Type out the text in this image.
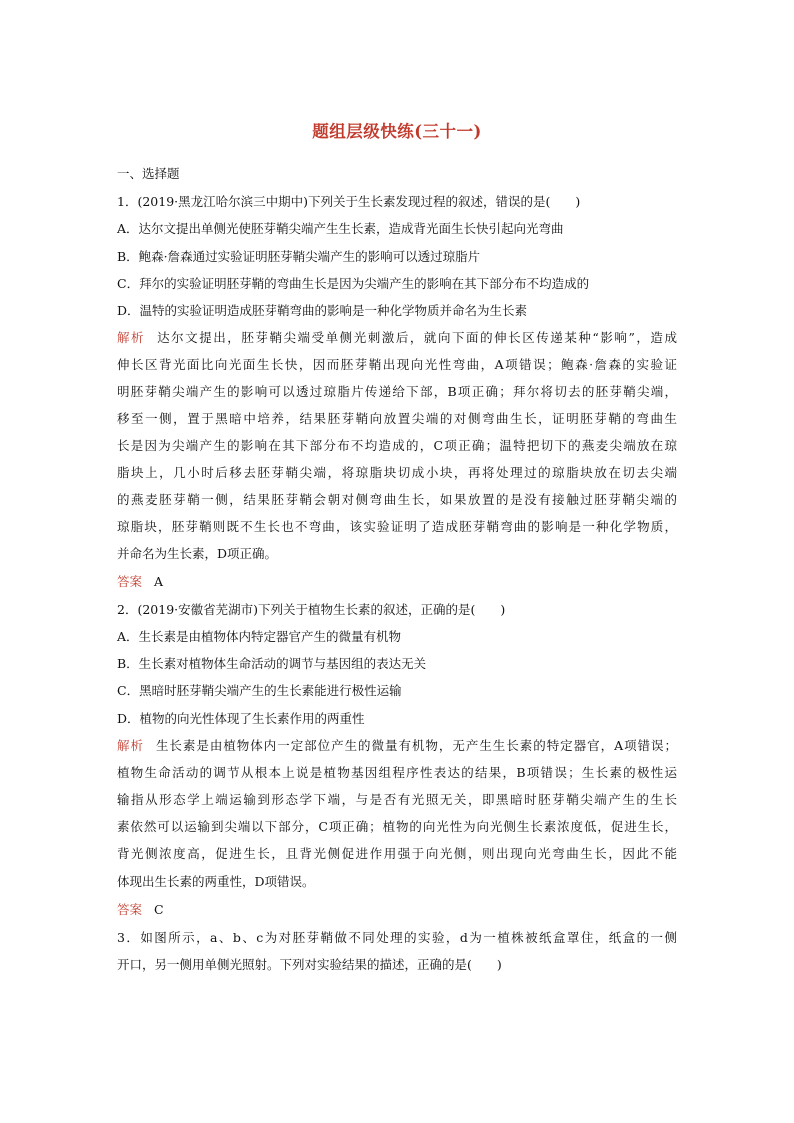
题组层级快练(三十一)
一、选择题
1．(2019·黑龙江哈尔滨三中期中)下列关于生长素发现过程的叙述，错误的是(　　)
A．达尔文提出单侧光使胚芽鞘尖端产生生长素，造成背光面生长快引起向光弯曲
B．鲍森·詹森通过实验证明胚芽鞘尖端产生的影响可以透过琼脂片
C．拜尔的实验证明胚芽鞘的弯曲生长是因为尖端产生的影响在其下部分布不均造成的
D．温特的实验证明造成胚芽鞘弯曲的影响是一种化学物质并命名为生长素
解析 达尔文提出，胚芽鞘尖端受单侧光刺激后，就向下面的伸长区传递某种“影响”，造成
伸长区背光面比向光面生长快，因而胚芽鞘出现向光性弯曲，A项错误；鲍森·詹森的实验证
明胚芽鞘尖端产生的影响可以透过琼脂片传递给下部，B项正确；拜尔将切去的胚芽鞘尖端，
移至一侧，置于黑暗中培养，结果胚芽鞘向放置尖端的对侧弯曲生长，证明胚芽鞘的弯曲生
长是因为尖端产生的影响在其下部分布不均造成的，C项正确；温特把切下的燕麦尖端放在琼
脂块上，几小时后移去胚芽鞘尖端，将琼脂块切成小块，再将处理过的琼脂块放在切去尖端
的燕麦胚芽鞘一侧，结果胚芽鞘会朝对侧弯曲生长，如果放置的是没有接触过胚芽鞘尖端的
琼脂块，胚芽鞘则既不生长也不弯曲，该实验证明了造成胚芽鞘弯曲的影响是一种化学物质，
并命名为生长素，D项正确。
答案 A
2．(2019·安徽省芜湖市)下列关于植物生长素的叙述，正确的是(　　)
A．生长素是由植物体内特定器官产生的微量有机物
B．生长素对植物体生命活动的调节与基因组的表达无关
C．黑暗时胚芽鞘尖端产生的生长素能进行极性运输
D．植物的向光性体现了生长素作用的两重性
解析 生长素是由植物体内一定部位产生的微量有机物，无产生生长素的特定器官，A项错误；
植物生命活动的调节从根本上说是植物基因组程序性表达的结果，B项错误；生长素的极性运
输指从形态学上端运输到形态学下端，与是否有光照无关，即黑暗时胚芽鞘尖端产生的生长
素依然可以运输到尖端以下部分，C项正确；植物的向光性为向光侧生长素浓度低，促进生长，
背光侧浓度高，促进生长，且背光侧促进作用强于向光侧，则出现向光弯曲生长，因此不能
体现出生长素的两重性，D项错误。
答案 C
3．如图所示，a、b、c为对胚芽鞘做不同处理的实验，d为一植株被纸盒罩住，纸盒的一侧
开口，另一侧用单侧光照射。下列对实验结果的描述，正确的是(　　)
